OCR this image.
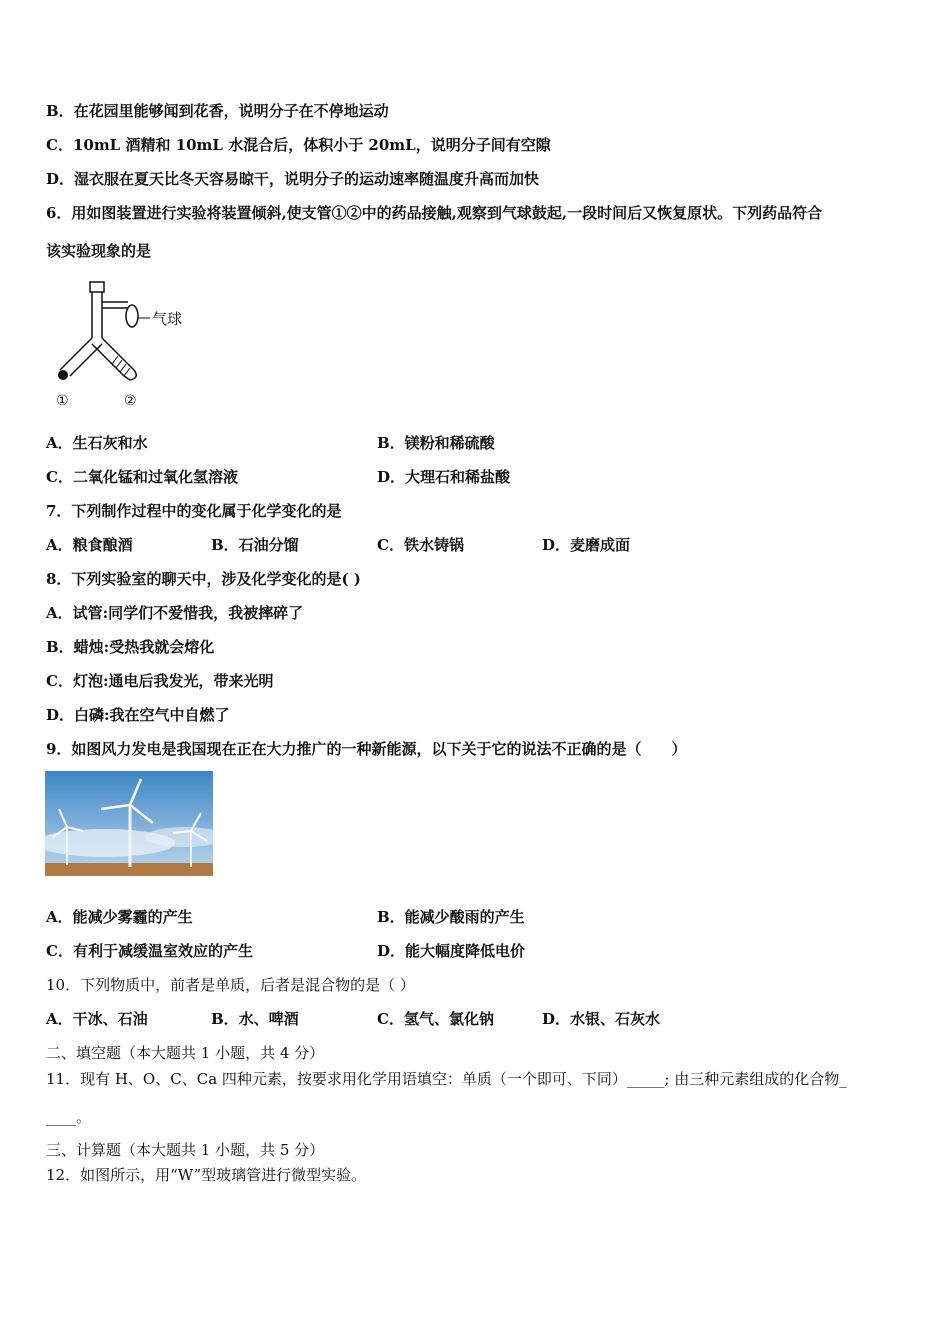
B．在花园里能够闻到花香，说明分子在不停地运动
C．10mL 酒精和 10mL 水混合后，体积小于 20mL，说明分子间有空隙
D．湿衣服在夏天比冬天容易晾干，说明分子的运动速率随温度升高而加快
6．用如图装置进行实验将装置倾斜,使支管①②中的药品接触,观察到气球鼓起,一段时间后又恢复原状。下列药品符合
该实验现象的是
气球
①	②
A．生石灰和水	B．镁粉和稀硫酸
C．二氧化锰和过氧化氢溶液	D．大理石和稀盐酸
7．下列制作过程中的变化属于化学变化的是
A．粮食酿酒	B．石油分馏	C．铁水铸锅	D．麦磨成面
8．下列实验室的聊天中，涉及化学变化的是( )
A．试管:同学们不爱惜我，我被摔碎了
B．蜡烛:受热我就会熔化
C．灯泡:通电后我发光，带来光明
D．白磷:我在空气中自燃了
9．如图风力发电是我国现在正在大力推广的一种新能源，以下关于它的说法不正确的是（　　）
A．能减少雾霾的产生	B．能减少酸雨的产生
C．有利于减缓温室效应的产生	D．能大幅度降低电价
10．下列物质中，前者是单质，后者是混合物的是（ ）
A．干冰、石油	B．水、啤酒	C．氢气、氯化钠	D．水银、石灰水
二、填空题（本大题共 1 小题，共 4 分）
11．现有 H、O、C、Ca 四种元素，按要求用化学用语填空：单质（一个即可、下同）_____; 由三种元素组成的化合物_
____。
三、计算题（本大题共 1 小题，共 5 分）
12．如图所示，用“W”型玻璃管进行微型实验。
